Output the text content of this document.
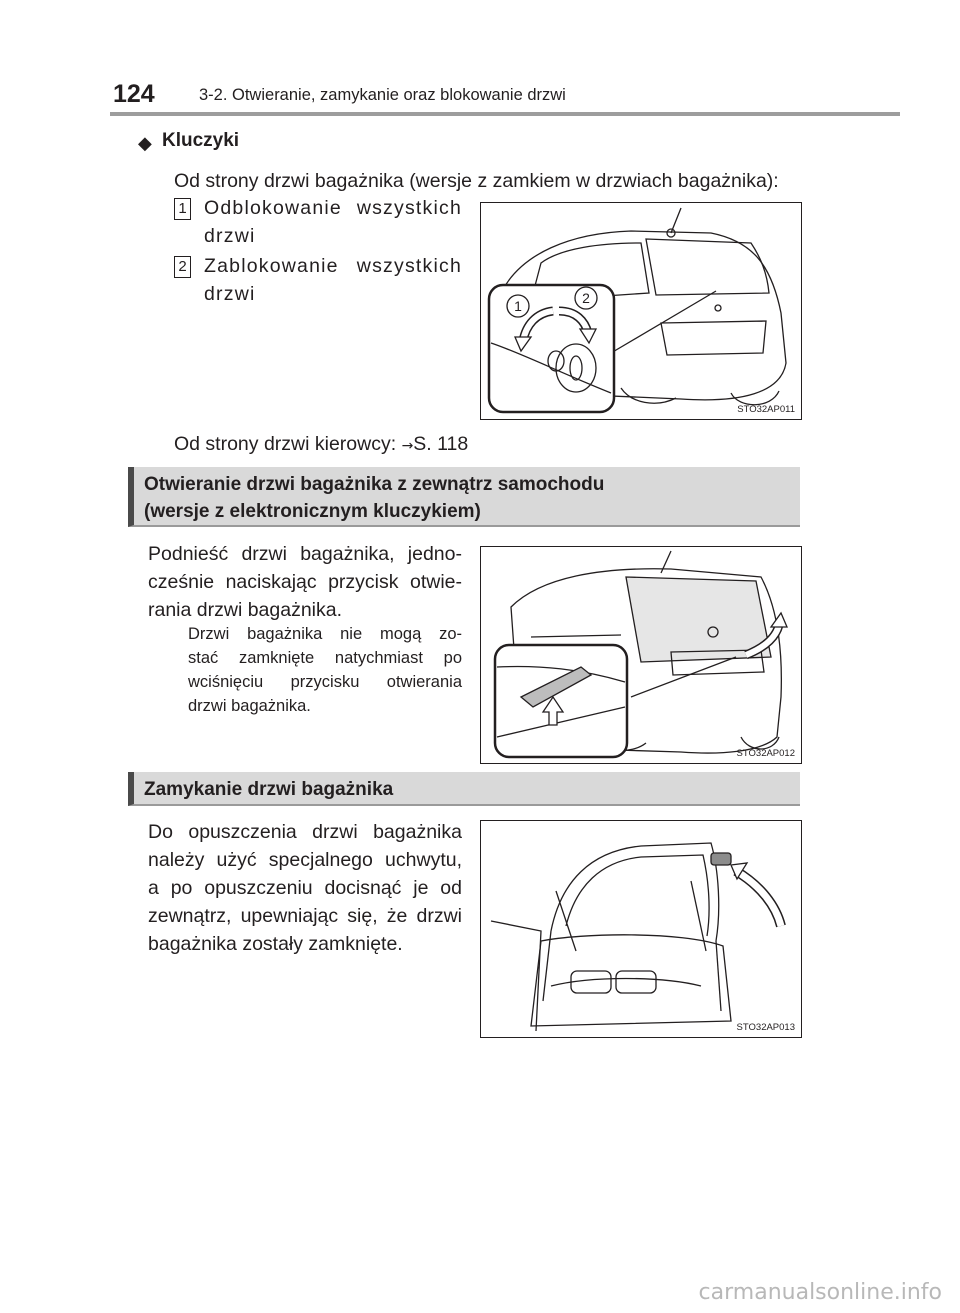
124	3-2. Otwieranie, zamykanie oraz blokowanie drzwi
◆ Kluczyki
Od strony drzwi bagażnika (wersje z zamkiem w drzwiach bagażnika):
1 Odblokowanie wszystkich
drzwi
2 Zablokowanie wszystkich
drzwi
1	2
STO32AP011
Od strony drzwi kierowcy: →S. 118
Otwieranie drzwi bagażnika z zewnątrz samochodu
(wersje z elektronicznym kluczykiem)
Podnieść drzwi bagażnika, jedno-
cześnie naciskając przycisk otwie-
rania drzwi bagażnika.
Drzwi bagażnika nie mogą zo-
stać zamknięte natychmiast po
wciśnięciu przycisku otwierania
drzwi bagażnika.
STO32AP012
Zamykanie drzwi bagażnika
Do opuszczenia drzwi bagażnika
należy użyć specjalnego uchwytu,
a po opuszczeniu docisnąć je od
zewnątrz, upewniając się, że drzwi
bagażnika zostały zamknięte.
STO32AP013
carmanualsonline.info
